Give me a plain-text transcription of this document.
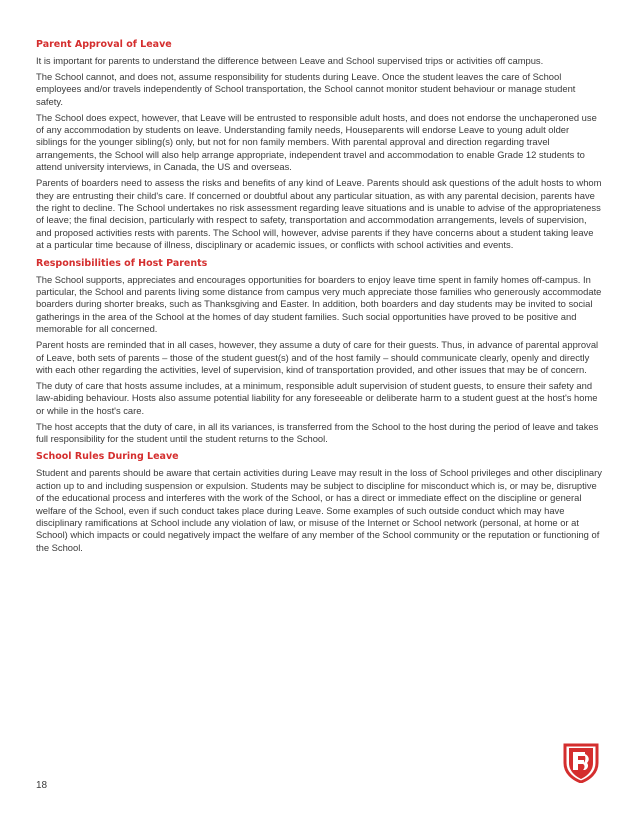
Parent Approval of Leave

It is important for parents to understand the difference between Leave and School supervised trips or activities off campus.

The School cannot, and does not, assume responsibility for students during Leave. Once the student leaves the care of School employees and/or travels independently of School transportation, the School cannot monitor student behaviour or manage student safety.

The School does expect, however, that Leave will be entrusted to responsible adult hosts, and does not endorse the unchaperoned use of any accommodation by students on leave. Understanding family needs, Houseparents will endorse Leave to young adult older siblings for the younger sibling(s) only, but not for non family members. With parental approval and direction regarding travel arrangements, the School will also help arrange appropriate, independent travel and accommodation to enable Grade 12 students to attend university interviews, in Canada, the US and overseas.

Parents of boarders need to assess the risks and benefits of any kind of Leave. Parents should ask questions of the adult hosts to whom they are entrusting their child's care. If concerned or doubtful about any particular situation, as with any parental decision, parents have the right to decline. The School undertakes no risk assessment regarding leave situations and is unable to advise of the appropriateness of leave; the final decision, particularly with respect to safety, transportation and accommodation arrangements, levels of supervision, and proposed activities rests with parents. The School will, however, advise parents if they have concerns about a student taking leave at a particular time because of illness, disciplinary or academic issues, or conflicts with school activities and events.

Responsibilities of Host Parents

The School supports, appreciates and encourages opportunities for boarders to enjoy leave time spent in family homes off-campus. In particular, the School and parents living some distance from campus very much appreciate those families who generously accommodate boarders during shorter breaks, such as Thanksgiving and Easter. In addition, both boarders and day students may be invited to social gatherings in the area of the School at the homes of day student families. Such social opportunities have proved to be positive and memorable for all concerned.

Parent hosts are reminded that in all cases, however, they assume a duty of care for their guests. Thus, in advance of parental approval of Leave, both sets of parents – those of the student guest(s) and of the host family – should communicate clearly, openly and directly with each other regarding the activities, level of supervision, kind of transportation provided, and other issues that may be of concern.

The duty of care that hosts assume includes, at a minimum, responsible adult supervision of student guests, to ensure their safety and law-abiding behaviour. Hosts also assume potential liability for any foreseeable or deliberate harm to a student guest at the host's home or while in the host's care.

The host accepts that the duty of care, in all its variances, is transferred from the School to the host during the period of leave and takes full responsibility for the student until the student returns to the School.

School Rules During Leave

Student and parents should be aware that certain activities during Leave may result in the loss of School privileges and other disciplinary action up to and including suspension or expulsion. Students may be subject to discipline for misconduct which is, or may be, disruptive of the educational process and interferes with the work of the School, or has a direct or immediate effect on the discipline or general welfare of the School, even if such conduct takes place during Leave. Some examples of such outside conduct which may have disciplinary ramifications at School include any violation of law, or misuse of the Internet or School network (personal, at home or at School) which impacts or could negatively impact the welfare of any member of the School community or the reputation or functioning of the School.

18
